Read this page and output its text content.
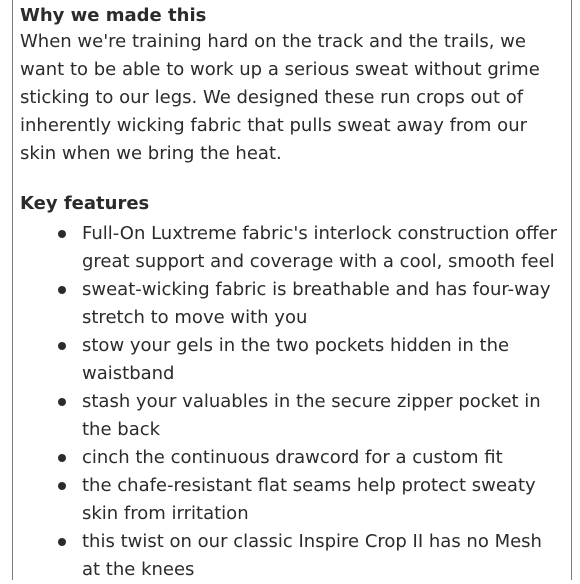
Why we made this

When we're training hard on the track and the trails, we want to be able to work up a serious sweat without grime sticking to our legs. We designed these run crops out of inherently wicking fabric that pulls sweat away from our skin when we bring the heat.

Key features
Full-On Luxtreme fabric's interlock construction offer great support and coverage with a cool, smooth feel
sweat-wicking fabric is breathable and has four-way stretch to move with you
stow your gels in the two pockets hidden in the waistband
stash your valuables in the secure zipper pocket in the back
cinch the continuous drawcord for a custom fit
the chafe-resistant flat seams help protect sweaty skin from irritation
this twist on our classic Inspire Crop II has no Mesh at the knees
